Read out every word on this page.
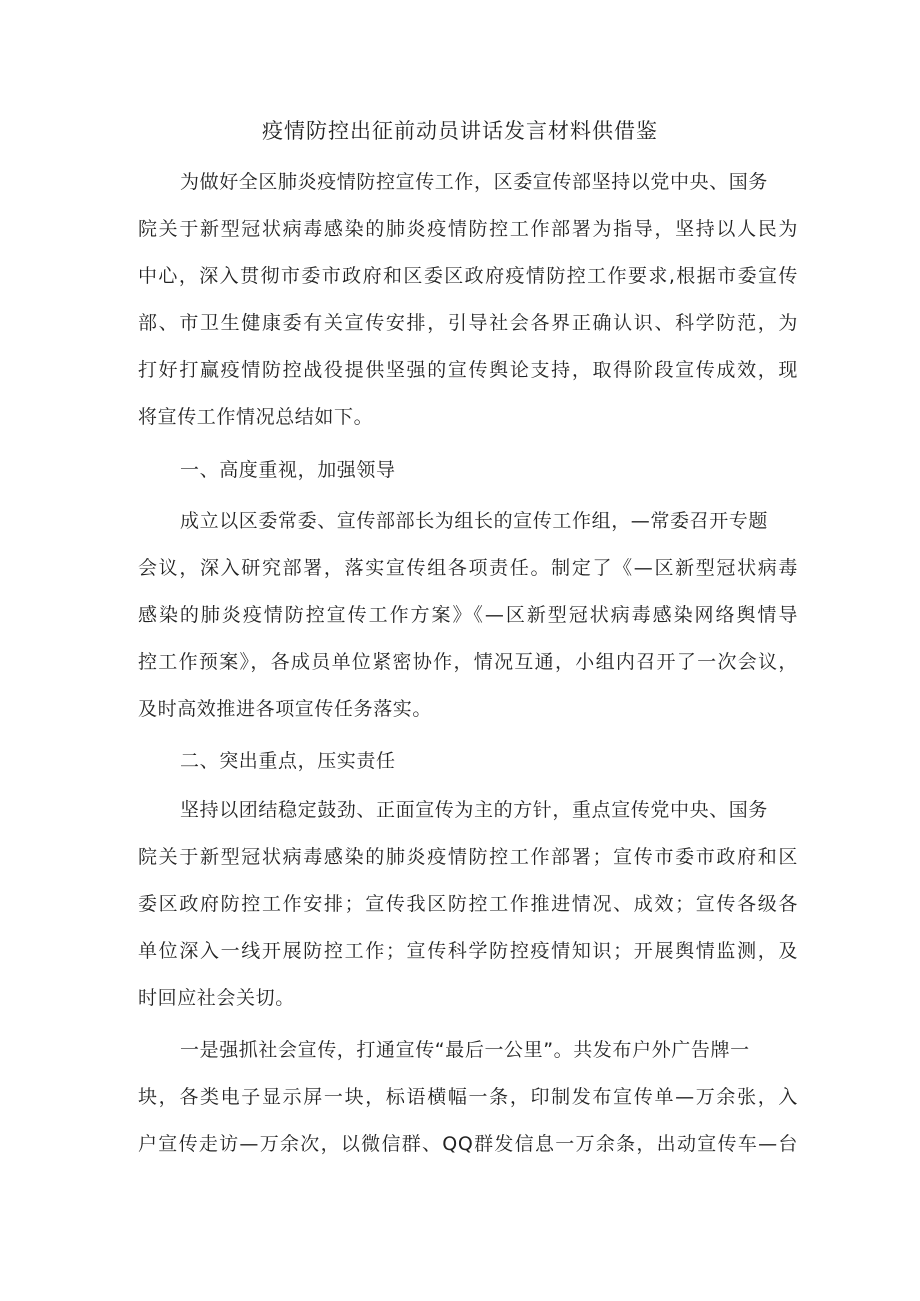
疫情防控出征前动员讲话发言材料供借鉴
为做好全区肺炎疫情防控宣传工作，区委宣传部坚持以党中央、国务
院关于新型冠状病毒感染的肺炎疫情防控工作部署为指导，坚持以人民为
中心，深入贯彻市委市政府和区委区政府疫情防控工作要求,根据市委宣传
部、市卫生健康委有关宣传安排，引导社会各界正确认识、科学防范，为
打好打赢疫情防控战役提供坚强的宣传舆论支持，取得阶段宣传成效，现
将宣传工作情况总结如下。
一、高度重视，加强领导
成立以区委常委、宣传部部长为组长的宣传工作组，—常委召开专题
会议，深入研究部署，落实宣传组各项责任。制定了《—区新型冠状病毒
感染的肺炎疫情防控宣传工作方案》《—区新型冠状病毒感染网络舆情导
控工作预案》，各成员单位紧密协作，情况互通，小组内召开了一次会议，
及时高效推进各项宣传任务落实。
二、突出重点，压实责任
坚持以团结稳定鼓劲、正面宣传为主的方针，重点宣传党中央、国务
院关于新型冠状病毒感染的肺炎疫情防控工作部署；宣传市委市政府和区
委区政府防控工作安排；宣传我区防控工作推进情况、成效；宣传各级各
单位深入一线开展防控工作；宣传科学防控疫情知识；开展舆情监测，及
时回应社会关切。
一是强抓社会宣传，打通宣传“最后一公里”。共发布户外广告牌一
块，各类电子显示屏一块，标语横幅一条，印制发布宣传单—万余张，入
户宣传走访—万余次，以微信群、QQ群发信息一万余条，出动宣传车—台
